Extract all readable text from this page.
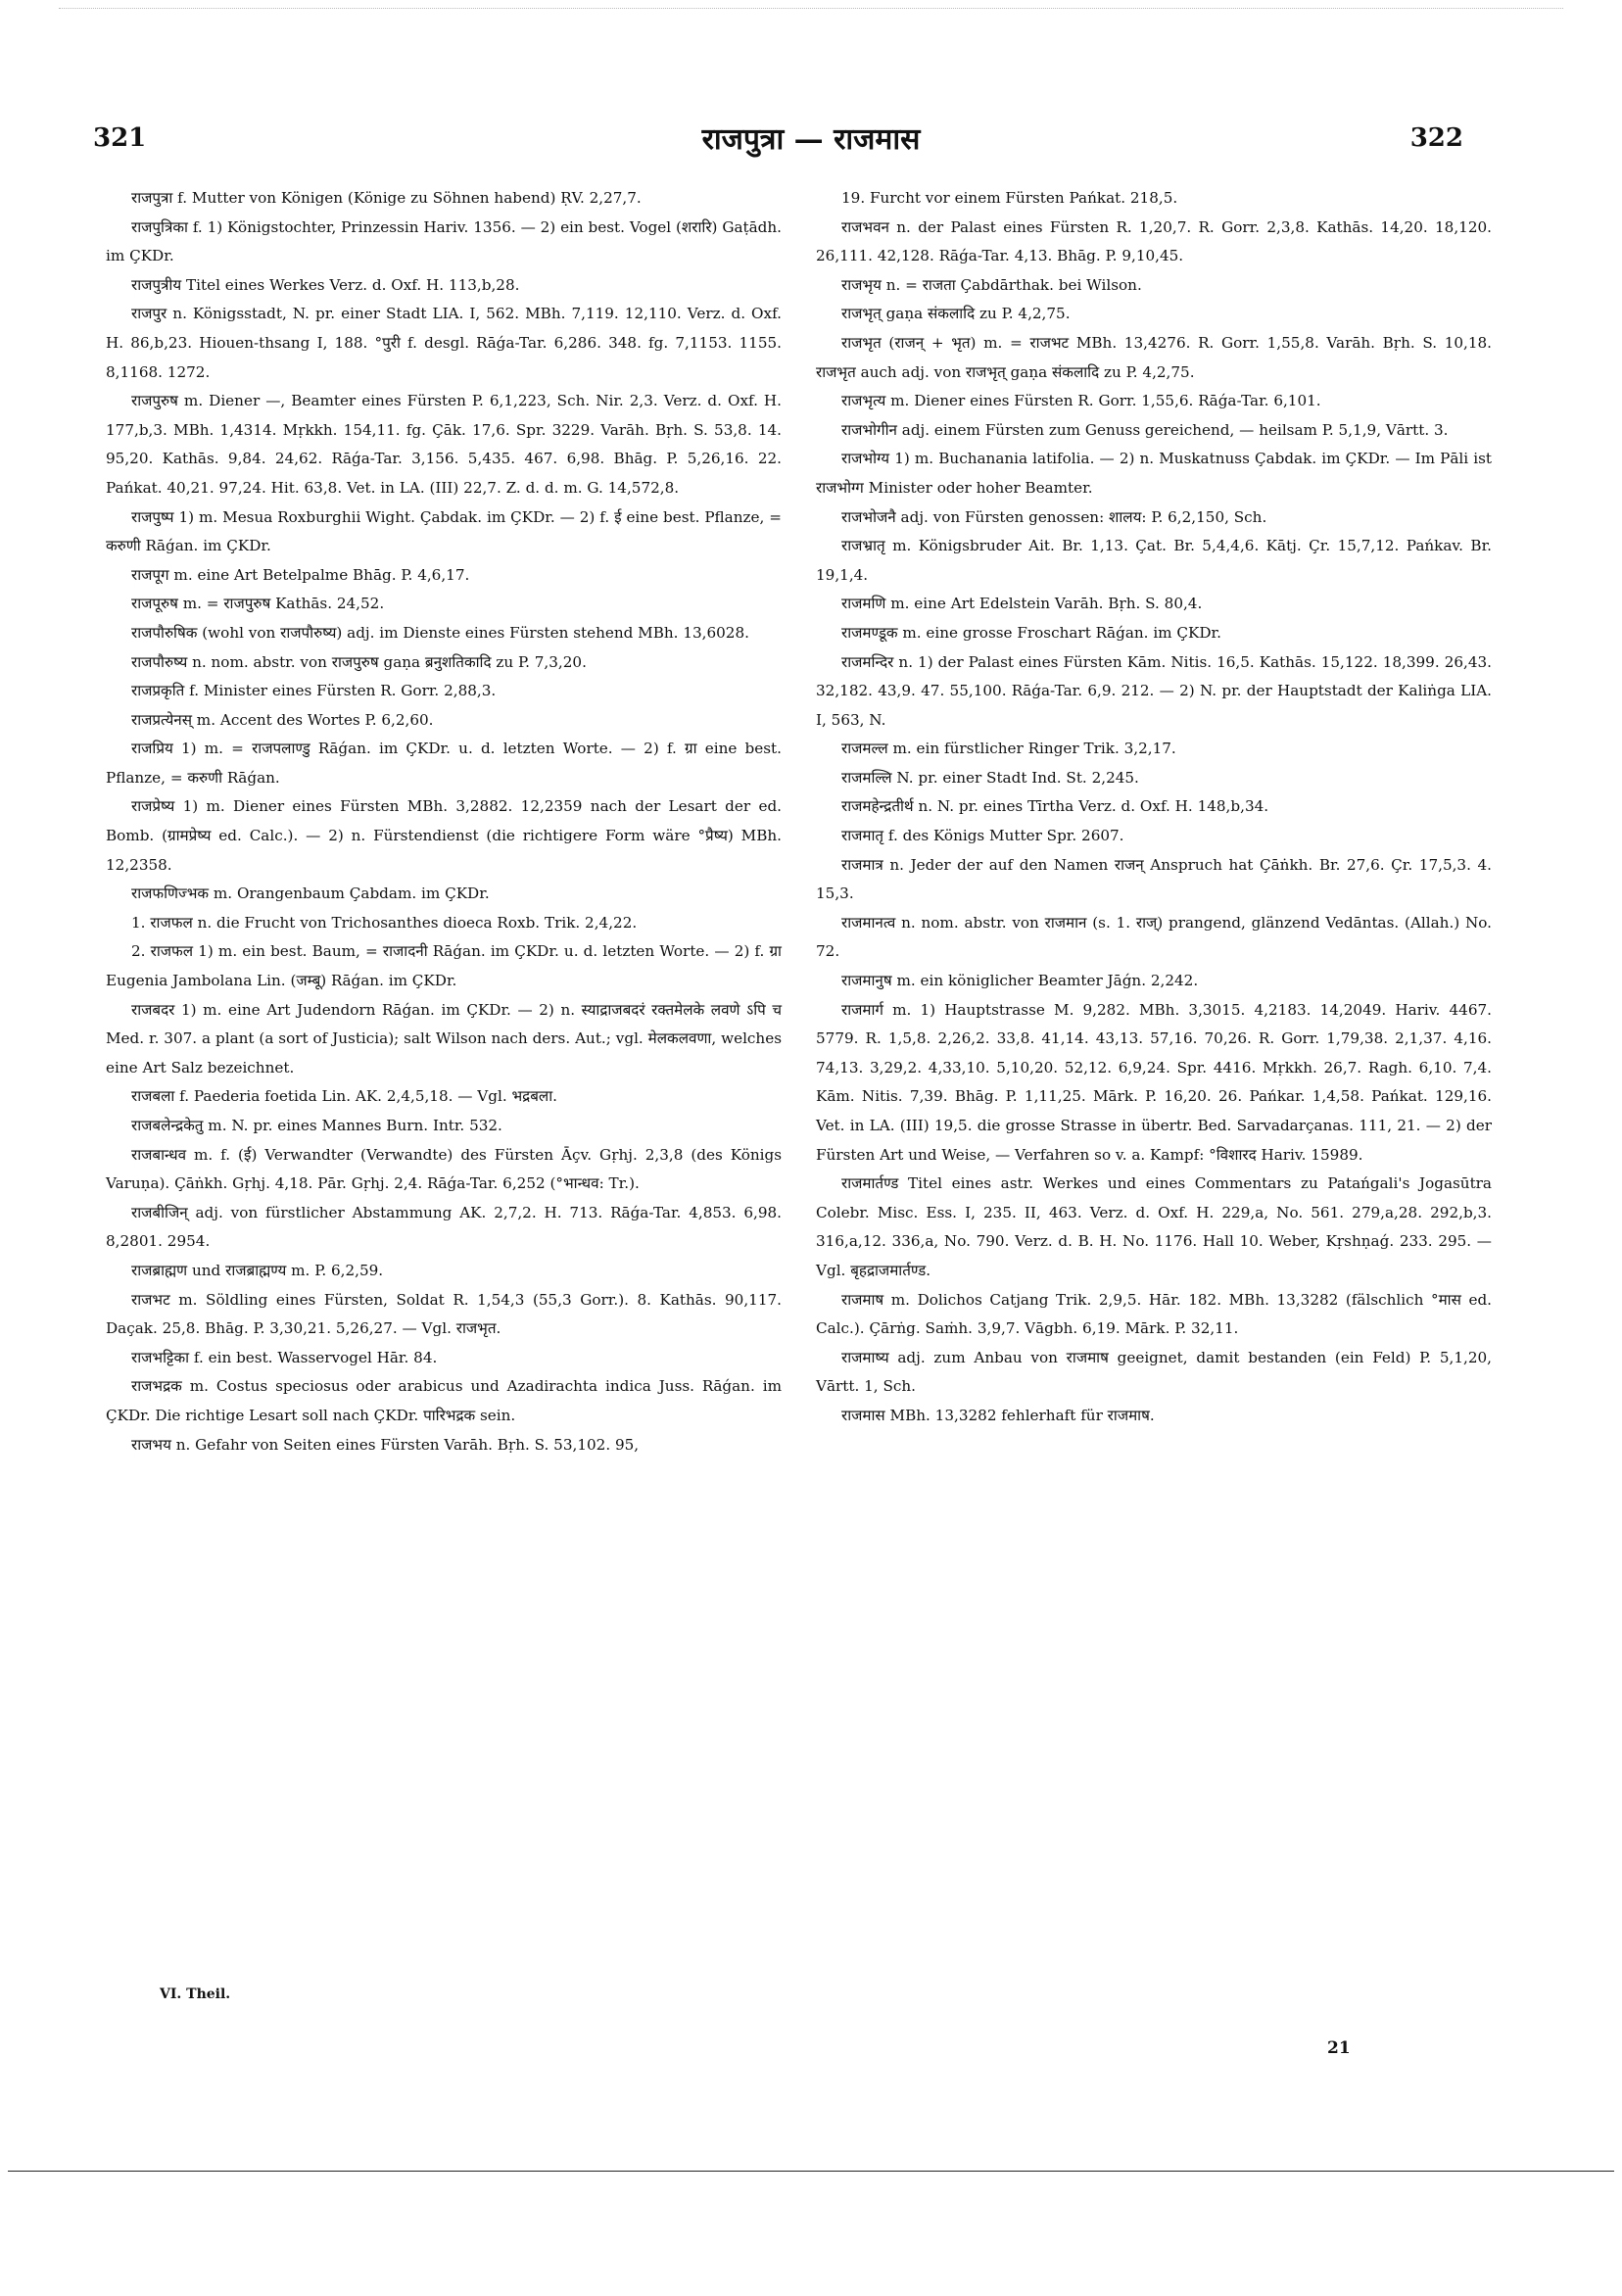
321	राजपुत्रा — राजमास	322

राजपुत्रा f. Mutter von Königen (Könige zu Söhnen habend) ṚV. 2,27,7.

राजपुत्रिका f. 1) Königstochter, Prinzessin Hariv. 1356. — 2) ein best. Vogel (शरारि) Gaṭādh. im ÇKDr.

राजपुत्रीय Titel eines Werkes Verz. d. Oxf. H. 113,b,28.

राजपुर n. Königsstadt, N. pr. einer Stadt LIA. I, 562. MBh. 7,119. 12,110. Verz. d. Oxf. H. 86,b,23. Hiouen-thsang I, 188. °पुरी f. desgl. Rāǵa-Tar. 6,286. 348. fg. 7,1153. 1155. 8,1168. 1272.

राजपुरुष m. Diener —, Beamter eines Fürsten P. 6,1,223, Sch. Nir. 2,3. Verz. d. Oxf. H. 177,b,3. MBh. 1,4314. Mṛkkh. 154,11. fg. Çāk. 17,6. Spr. 3229. Varāh. Bṛh. S. 53,8. 14. 95,20. Kathās. 9,84. 24,62. Rāǵa-Tar. 3,156. 5,435. 467. 6,98. Bhāg. P. 5,26,16. 22. Pańkat. 40,21. 97,24. Hit. 63,8. Vet. in LA. (III) 22,7. Z. d. d. m. G. 14,572,8.

राजपुष्प 1) m. Mesua Roxburghii Wight. Çabdak. im ÇKDr. — 2) f. ई eine best. Pflanze, = करुणी Rāǵan. im ÇKDr.

राजपूग m. eine Art Betelpalme Bhāg. P. 4,6,17.

राजपूरुष m. = राजपुरुष Kathās. 24,52.

राजपौरुषिक (wohl von राजपौरुष्य) adj. im Dienste eines Fürsten stehend MBh. 13,6028.

राजपौरुष्य n. nom. abstr. von राजपुरुष gaṇa ब्रनुशतिकादि zu P. 7,3,20.

राजप्रकृति f. Minister eines Fürsten R. Gorr. 2,88,3.

राजप्रत्येनस् m. Accent des Wortes P. 6,2,60.

राजप्रिय 1) m. = राजपलाण्डु Rāǵan. im ÇKDr. u. d. letzten Worte. — 2) f. ग्रा eine best. Pflanze, = करुणी Rāǵan.

राजप्रेष्य 1) m. Diener eines Fürsten MBh. 3,2882. 12,2359 nach der Lesart der ed. Bomb. (ग्रामप्रेष्य ed. Calc.). — 2) n. Fürstendienst (die richtigere Form wäre °प्रैष्य) MBh. 12,2358.

राजफणिज्भक m. Orangenbaum Çabdam. im ÇKDr.

1. राजफल n. die Frucht von Trichosanthes dioeca Roxb. Trik. 2,4,22.

2. राजफल 1) m. ein best. Baum, = राजादनी Rāǵan. im ÇKDr. u. d. letzten Worte. — 2) f. ग्रा Eugenia Jambolana Lin. (जम्बू) Rāǵan. im ÇKDr.

राजबदर 1) m. eine Art Judendorn Rāǵan. im ÇKDr. — 2) n. स्याद्राजबदरं रक्तमेलके लवणे ऽपि च Med. r. 307. a plant (a sort of Justicia); salt Wilson nach ders. Aut.; vgl. मेलकलवणा, welches eine Art Salz bezeichnet.

राजबला f. Paederia foetida Lin. AK. 2,4,5,18. — Vgl. भद्रबला.

राजबलेन्द्रकेतु m. N. pr. eines Mannes Burn. Intr. 532.

राजबान्धव m. f. (ई) Verwandter (Verwandte) des Fürsten Āçv. Gṛhj. 2,3,8 (des Königs Varuṇa). Çāṅkh. Gṛhj. 4,18. Pār. Gṛhj. 2,4. Rāǵa-Tar. 6,252 (°भान्धव: Tr.).

राजबीजिन् adj. von fürstlicher Abstammung AK. 2,7,2. H. 713. Rāǵa-Tar. 4,853. 6,98. 8,2801. 2954.

राजब्राह्मण und राजब्राह्मण्य m. P. 6,2,59.

राजभट m. Söldling eines Fürsten, Soldat R. 1,54,3 (55,3 Gorr.). 8. Kathās. 90,117. Daçak. 25,8. Bhāg. P. 3,30,21. 5,26,27. — Vgl. राजभृत.

राजभट्टिका f. ein best. Wasservogel Hār. 84.

राजभद्रक m. Costus speciosus oder arabicus und Azadirachta indica Juss. Rāǵan. im ÇKDr. Die richtige Lesart soll nach ÇKDr. पारिभद्रक sein.

राजभय n. Gefahr von Seiten eines Fürsten Varāh. Bṛh. S. 53,102. 95,

19. Furcht vor einem Fürsten Pańkat. 218,5.

राजभवन n. der Palast eines Fürsten R. 1,20,7. R. Gorr. 2,3,8. Kathās. 14,20. 18,120. 26,111. 42,128. Rāǵa-Tar. 4,13. Bhāg. P. 9,10,45.

राजभृय n. = राजता Çabdārthak. bei Wilson.

राजभृत् gaṇa संकलादि zu P. 4,2,75.

राजभृत (राजन् + भृत) m. = राजभट MBh. 13,4276. R. Gorr. 1,55,8. Varāh. Bṛh. S. 10,18. राजभृत auch adj. von राजभृत् gaṇa संकलादि zu P. 4,2,75.

राजभृत्य m. Diener eines Fürsten R. Gorr. 1,55,6. Rāǵa-Tar. 6,101.

राजभोगीन adj. einem Fürsten zum Genuss gereichend, — heilsam P. 5,1,9, Vārtt. 3.

राजभोग्य 1) m. Buchanania latifolia. — 2) n. Muskatnuss Çabdak. im ÇKDr. — Im Pāli ist राजभोग्ग Minister oder hoher Beamter.

राजभोजनै adj. von Fürsten genossen: शालय: P. 6,2,150, Sch.

राजभ्रातृ m. Königsbruder Ait. Br. 1,13. Çat. Br. 5,4,4,6. Kātj. Çr. 15,7,12. Pańkav. Br. 19,1,4.

राजमणि m. eine Art Edelstein Varāh. Bṛh. S. 80,4.

राजमण्डूक m. eine grosse Froschart Rāǵan. im ÇKDr.

राजमन्दिर n. 1) der Palast eines Fürsten Kām. Nitis. 16,5. Kathās. 15,122. 18,399. 26,43. 32,182. 43,9. 47. 55,100. Rāǵa-Tar. 6,9. 212. — 2) N. pr. der Hauptstadt der Kaliṅga LIA. I, 563, N.

राजमल्ल m. ein fürstlicher Ringer Trik. 3,2,17.

राजमल्लि N. pr. einer Stadt Ind. St. 2,245.

राजमहेन्द्रतीर्थ n. N. pr. eines Tīrtha Verz. d. Oxf. H. 148,b,34.

राजमातृ f. des Königs Mutter Spr. 2607.

राजमात्र n. Jeder der auf den Namen राजन् Anspruch hat Çāṅkh. Br. 27,6. Çr. 17,5,3. 4. 15,3.

राजमानत्व n. nom. abstr. von राजमान (s. 1. राज्) prangend, glänzend Vedāntas. (Allah.) No. 72.

राजमानुष m. ein königlicher Beamter Jāǵn. 2,242.

राजमार्ग m. 1) Hauptstrasse M. 9,282. MBh. 3,3015. 4,2183. 14,2049. Hariv. 4467. 5779. R. 1,5,8. 2,26,2. 33,8. 41,14. 43,13. 57,16. 70,26. R. Gorr. 1,79,38. 2,1,37. 4,16. 74,13. 3,29,2. 4,33,10. 5,10,20. 52,12. 6,9,24. Spr. 4416. Mṛkkh. 26,7. Ragh. 6,10. 7,4. Kām. Nitis. 7,39. Bhāg. P. 1,11,25. Mārk. P. 16,20. 26. Pańkar. 1,4,58. Pańkat. 129,16. Vet. in LA. (III) 19,5. die grosse Strasse in übertr. Bed. Sarvadarçanas. 111, 21. — 2) der Fürsten Art und Weise, — Verfahren so v. a. Kampf: °विशारद Hariv. 15989.

राजमार्तण्ड Titel eines astr. Werkes und eines Commentars zu Patańgali's Jogasūtra Colebr. Misc. Ess. I, 235. II, 463. Verz. d. Oxf. H. 229,a, No. 561. 279,a,28. 292,b,3. 316,a,12. 336,a, No. 790. Verz. d. B. H. No. 1176. Hall 10. Weber, Kṛshṇaǵ. 233. 295. — Vgl. बृहद्राजमार्तण्ड.

राजमाष m. Dolichos Catjang Trik. 2,9,5. Hār. 182. MBh. 13,3282 (fälschlich °मास ed. Calc.). Çārṅg. Saṁh. 3,9,7. Vāgbh. 6,19. Mārk. P. 32,11.

राजमाष्य adj. zum Anbau von राजमाष geeignet, damit bestanden (ein Feld) P. 5,1,20, Vārtt. 1, Sch.

राजमास MBh. 13,3282 fehlerhaft für राजमाष.

VI. Theil.
21
